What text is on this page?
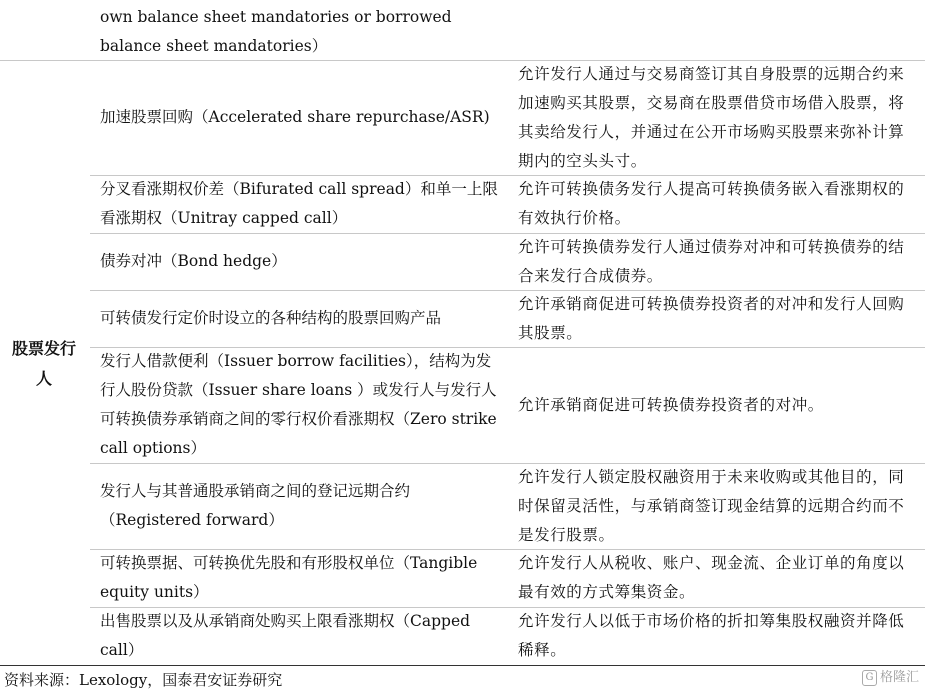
own balance sheet mandatories or borrowed balance sheet mandatories）
股票发行人
加速股票回购（Accelerated share repurchase/ASR)
允许发行人通过与交易商签订其自身股票的远期合约来加速购买其股票，交易商在股票借贷市场借入股票，将其卖给发行人，并通过在公开市场购买股票来弥补计算期内的空头头寸。
分叉看涨期权价差（Bifurated call spread）和单一上限看涨期权（Unitray capped call）
允许可转换债务发行人提高可转换债务嵌入看涨期权的有效执行价格。
债券对冲（Bond hedge）
允许可转换债券发行人通过债券对冲和可转换债券的结合来发行合成债券。
可转债发行定价时设立的各种结构的股票回购产品
允许承销商促进可转换债券投资者的对冲和发行人回购其股票。
发行人借款便利（Issuer borrow facilities），结构为发行人股份贷款（Issuer share loans ）或发行人与发行人可转换债券承销商之间的零行权价看涨期权（Zero strike call options）
允许承销商促进可转换债券投资者的对冲。
发行人与其普通股承销商之间的登记远期合约（Registered forward）
允许发行人锁定股权融资用于未来收购或其他目的，同时保留灵活性，与承销商签订现金结算的远期合约而不是发行股票。
可转换票据、可转换优先股和有形股权单位（Tangible equity units）
允许发行人从税收、账户、现金流、企业订单的角度以最有效的方式筹集资金。
出售股票以及从承销商处购买上限看涨期权（Capped call）
允许发行人以低于市场价格的折扣筹集股权融资并降低稀释。
资料来源：Lexology，国泰君安证券研究	G 格隆汇
